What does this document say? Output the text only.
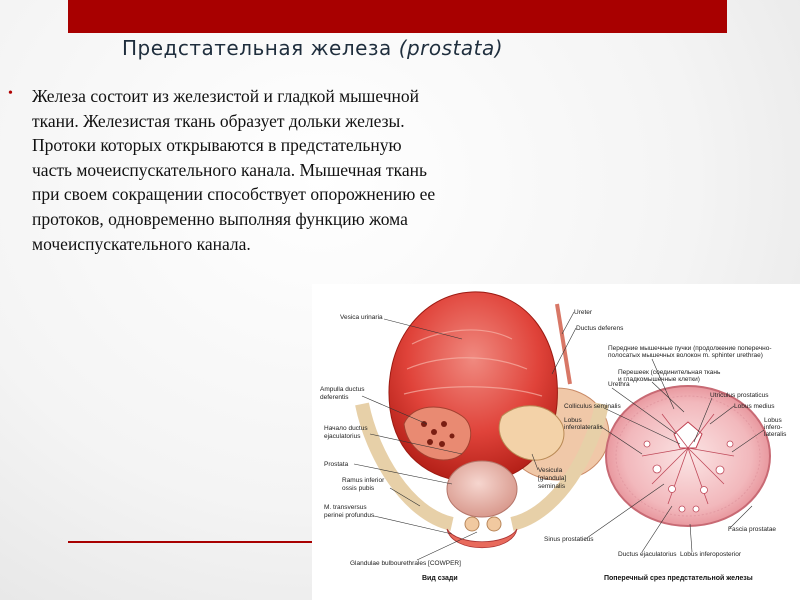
Предстательная железа (prostata)
• Железа состоит из железистой и гладкой мышечной ткани. Железистая ткань образует дольки железы. Протоки которых открываются в предстательную часть мочеиспускательного канала. Мышечная ткань при своем сокращении способствует опорожнению ее протоков, одновременно выполняя функцию жома мочеиспускательного канала.

Vesica urinaria
Ampulla ductus
deferentis
Начало ductus
ejaculatorius
Prostata
Ramus inferior
ossis pubis
M. transversus
perinei profundus
Glandulae bulbourethrales [COWPER]
Ureter
Ductus deferens
Vesicula
[glandula]
seminalis
Вид сзади
Передние мышечные пучки (продолжение поперечно-
полосатых мышечных волокон m. sphinter urethrae)
Перешеек (соединительная ткань
и гладкомышечные клетки)
Urethra
Utriculus prostaticus
Colliculus seminalis	Lobus medius
Lobus
inferolateralis
Lobus
infero-
lateralis
Fascia prostatae
Sinus prostaticus
Ductus ejaculatorius Lobus inferoposterior
Поперечный срез предстательной железы
